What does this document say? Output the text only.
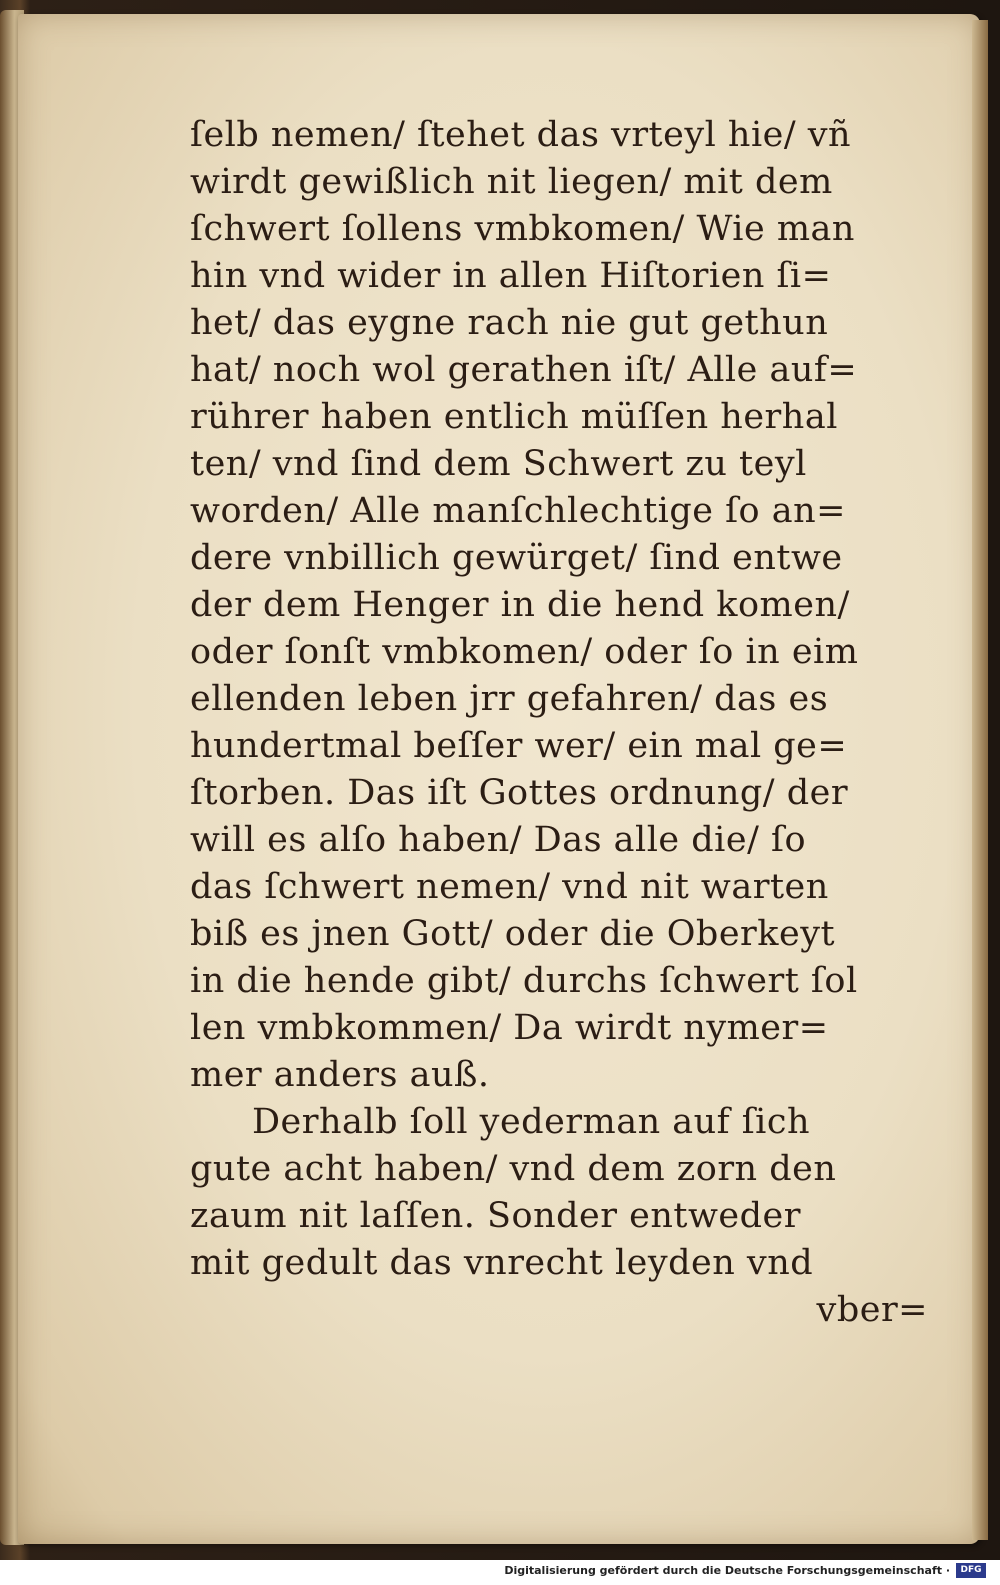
ſelb nemen/ ſtehet das vrteyl hie/ vñ
wirdt gewißlich nit liegen/ mit dem
ſchwert ſollens vmbkomen/ Wie man
hin vnd wider in allen Hiſtorien ſi=
het/ das eygne rach nie gut gethun
hat/ noch wol gerathen iſt/ Alle auf=
rührer haben entlich müſſen herhal
ten/ vnd ſind dem Schwert zu teyl
worden/ Alle manſchlechtige ſo an=
dere vnbillich gewürget/ ſind entwe
der dem Henger in die hend komen/
oder ſonſt vmbkomen/ oder ſo in eim
ellenden leben jrr gefahren/ das es
hundertmal beſſer wer/ ein mal ge=
ſtorben. Das iſt Gottes ordnung/ der
will es alſo haben/ Das alle die/ ſo
das ſchwert nemen/ vnd nit warten
biß es jnen Gott/ oder die Oberkeyt
in die hende gibt/ durchs ſchwert ſol
len vmbkommen/ Da wirdt nymer=
mer anders auß.
Derhalb ſoll yederman auf ſich
gute acht haben/ vnd dem zorn den
zaum nit laſſen. Sonder entweder
mit gedult das vnrecht leyden vnd
vber=
Digitalisierung gefördert durch die Deutsche Forschungsgemeinschaft ·	DFG
